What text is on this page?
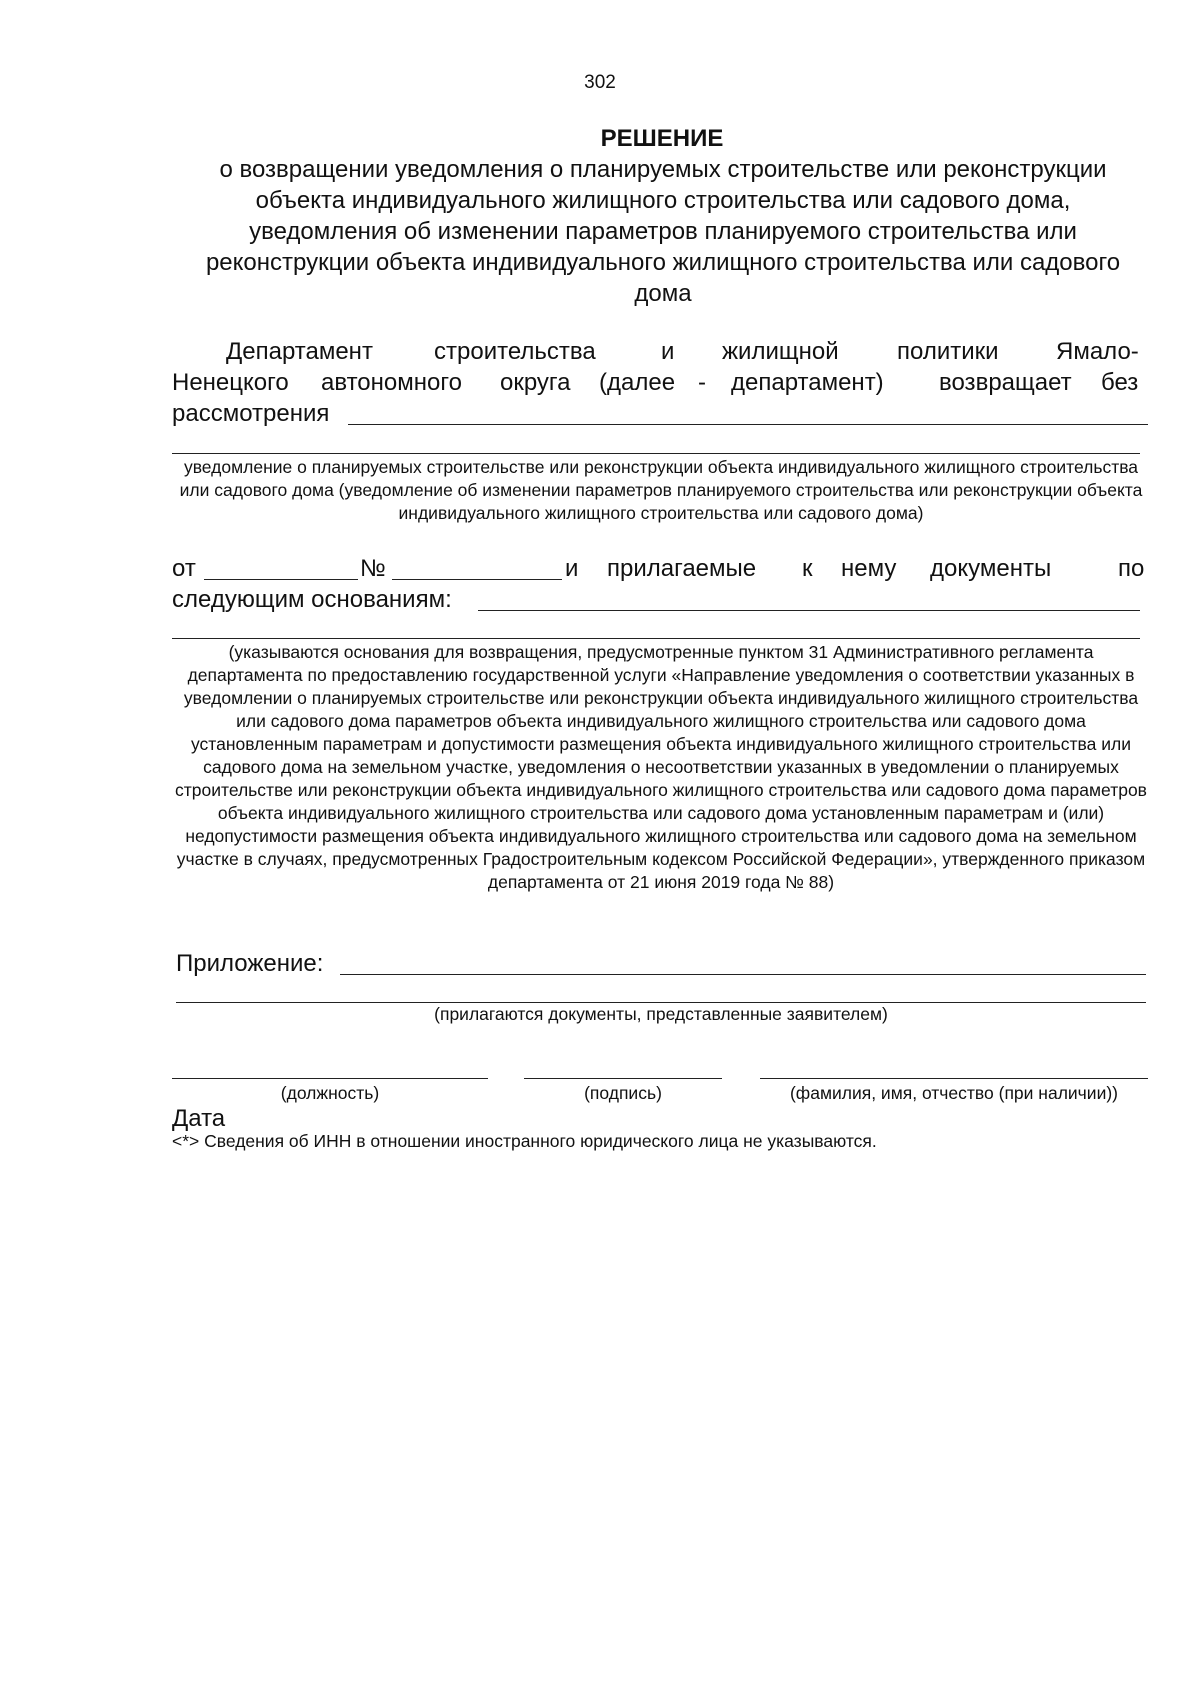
302
РЕШЕНИЕ
о возвращении уведомления о планируемых строительстве или реконструкции объекта индивидуального жилищного строительства или садового дома, уведомления об изменении параметров планируемого строительства или реконструкции объекта индивидуального жилищного строительства или садового дома
Департамент	строительства	и жилищной политики Ямало-
Ненецкого автономного округа (далее - департамент) возвращает без
рассмотрения
уведомление о планируемых строительстве или реконструкции объекта индивидуального жилищного строительства или садового дома (уведомление об изменении параметров планируемого строительства или реконструкции объекта индивидуального жилищного строительства или садового дома)
от	№	и прилагаемые к нему документы	по
следующим основаниям:
(указываются основания для возвращения, предусмотренные пунктом 31 Административного регламента департамента по предоставлению государственной услуги «Направление уведомления о соответствии указанных в уведомлении о планируемых строительстве или реконструкции объекта индивидуального жилищного строительства или садового дома параметров объекта индивидуального жилищного строительства или садового дома установленным параметрам и допустимости размещения объекта индивидуального жилищного строительства или садового дома на земельном участке, уведомления о несоответствии указанных в уведомлении о планируемых строительстве или реконструкции объекта индивидуального жилищного строительства или садового дома параметров объекта индивидуального жилищного строительства или садового дома установленным параметрам и (или) недопустимости размещения объекта индивидуального жилищного строительства или садового дома на земельном участке в случаях, предусмотренных Градостроительным кодексом Российской Федерации», утвержденного приказом департамента от 21 июня 2019 года № 88)
Приложение:
(прилагаются документы, представленные заявителем)
(должность)	(подпись)	(фамилия, имя, отчество (при наличии))
Дата
<*> Сведения об ИНН в отношении иностранного юридического лица не указываются.
